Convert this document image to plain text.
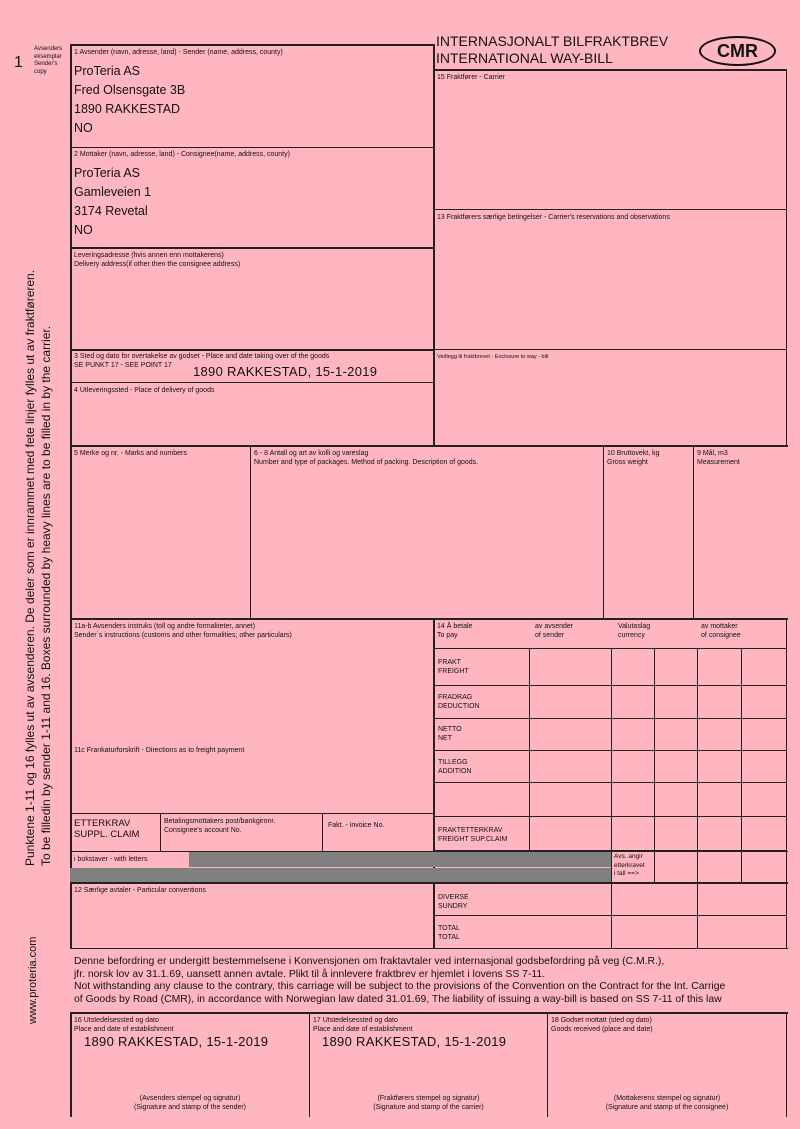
1
Avsenders
eksemplar
Sender's
copy
Punktene 1-11 og 16 fylles ut av avsenderen. De deler som er innrammet med fete linjer fylles ut av fraktføreren. To be filledin by sender 1-11 and 16. Boxes surrounded by heavy lines are to be filled in by the carrier.
www.proteria.com
INTERNASJONALT BILFRAKTBREV
INTERNATIONAL WAY-BILL	CMR
1 Avsender (navn, adresse, land) - Sender (name, address, county)
ProTeria AS
Fred Olsensgate 3B
1890 RAKKESTAD
NO
2 Mottaker (navn, adresse, land) - Consignee(name, address, county)
ProTeria AS
Gamleveien 1
3174 Revetal
NO
Leveringsadresse (hvis annen enn mottakerens)
Delivery address(if other then the consignee address)
3 Sted og dato for overtakelse av godset - Place and date taking over of the goods
SE PUNKT 17 - SEE POINT 17 1890 RAKKESTAD, 15-1-2019
4 Utleveringssted - Place of delivery of goods
15 Fraktfører - Carrier
13 Fraktførers særlige betingelser - Carrier's reservations and observations
Vedlegg til fraktbrevet - Enclosure to way - bill
5 Merke og nr. - Marks and numbers	6 - 8 Antall og art av kolli og vareslag
Number and type of packages. Method of packing. Description of goods.
10 Bruttovekt, kg
Gross weight
9 Mål, m3
Measurement
11a-b Avsenders instruks (toll og andre formaliteter, annet)
Sender´s instructions (customs and other formalities; other particulars)
11c Frankaturforskrift - Directions as to freight payment
14 Å betale
To pay
av avsender
of sender
Valutaslag
currency
av mottaker
of consignee
FRAKT
FREIGHT
FRADRAG
DEDUCTION
NETTO
NET
TILLEGG
ADDITION
FRAKTETTERKRAV
FREIGHT SUP.CLAIM
Avs. angir
etterkravet
i tall ==>
DIVERSE
SUNDRY
TOTAL
TOTAL
ETTERKRAV
SUPPL. CLAIM
Betalingsmottakers post/bankgironr.
Consignee's account No.
Fakt. - invoice No.
i bokstaver - with letters
12 Særlige avtaler - Particular conventions
Denne befordring er undergitt bestemmelsene i Konvensjonen om fraktavtaler ved internasjonal godsbefordring på veg (C.M.R.),
jfr. norsk lov av 31.1.69, uansett annen avtale. Plikt til å innlevere fraktbrev er hjemlet i lovens SS 7-11.
Not withstanding any clause to the contrary, this carriage will be subject to the provisions of the Convention on the Contract for the Int. Carrige
of Goods by Road (CMR), in accordance with Norwegian law dated 31.01.69, The liability of issuing a way-bill is based on SS 7-11 of this law
16 Utstedelsessted og dato
Place and date of establishment
1890 RAKKESTAD, 15-1-2019
(Avsenders stempel og signatur)
(Signature and stamp of the sender)
17 Utstedelsessted og dato
Place and date of establishment
1890 RAKKESTAD, 15-1-2019
(Fraktførers stempel og signatur)
(Signature and stamp of the carrier)
18 Godset mottatt (sted og dato)
Goods received (place and date)
(Mottakerens stempel og signatur)
(Signature and stamp of the consignee)
